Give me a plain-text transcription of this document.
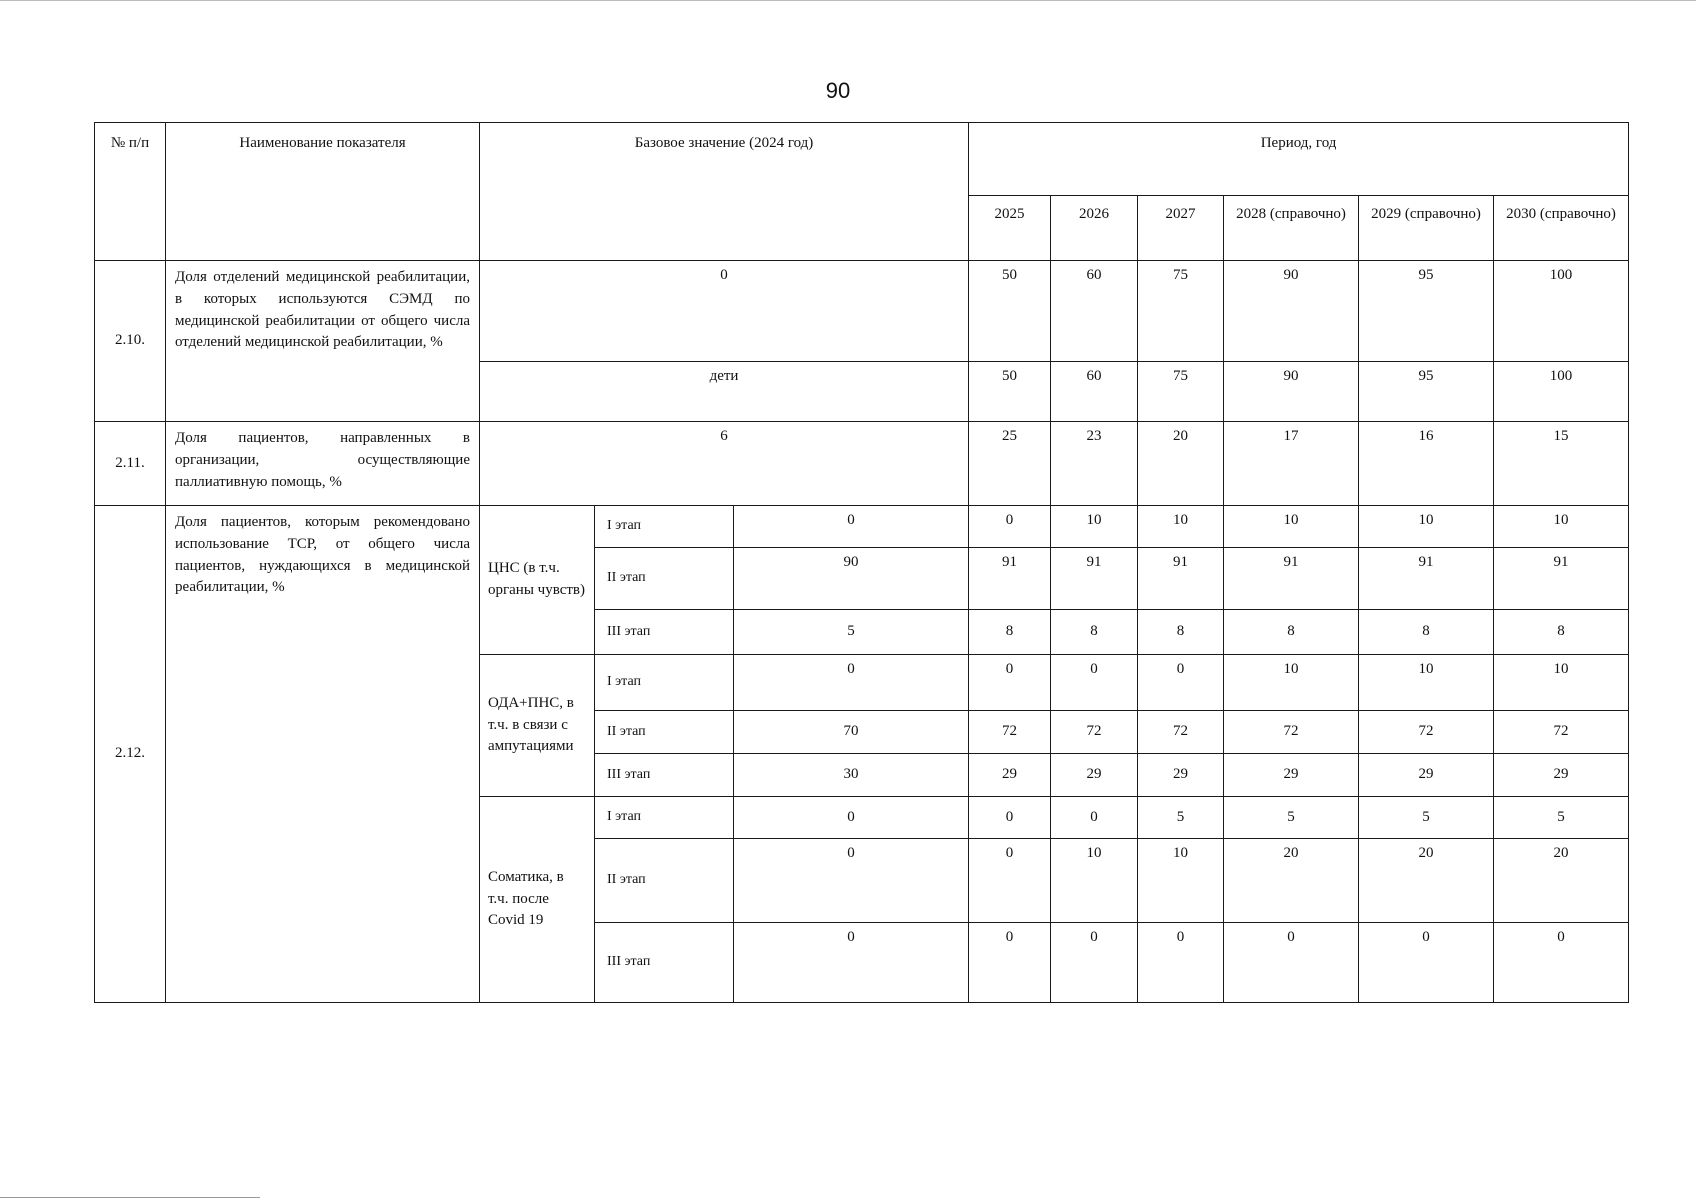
90
№ п/п	Наименование показателя	Базовое значение (2024 год)			Период, год					
					2025	2026	2027	2028 (справочно)	2029 (справочно)	2030 (справочно)
2.10.	Доля отделений медицинской реабилитации, в которых используются СЭМД по медицинской реабилитации от общего числа отделений медицинской реабилитации, %	0			50	60	75	90	95	100
		дети			50	60	75	90	95	100
2.11.	Доля пациентов, направленных в организации, осуществляющие паллиативную помощь, %	6			25	23	20	17	16	15
2.12.	Доля пациентов, которым рекомендовано использование ТСР, от общего числа пациентов, нуждающихся в медицинской реабилитации, %	ЦНС (в т.ч. органы чувств)	I этап	0	0	10	10	10	10	10
			II этап	90	91	91	91	91	91	91
			III этап	5	8	8	8	8	8	8
		ОДА+ПНС, в т.ч. в связи с ампутациями	I этап	0	0	0	0	10	10	10
			II этап	70	72	72	72	72	72	72
			III этап	30	29	29	29	29	29	29
		Соматика, в т.ч. после Covid 19	I этап	0	0	0	5	5	5	5
			II этап	0	0	10	10	20	20	20
			III этап	0	0	0	0	0	0	0
